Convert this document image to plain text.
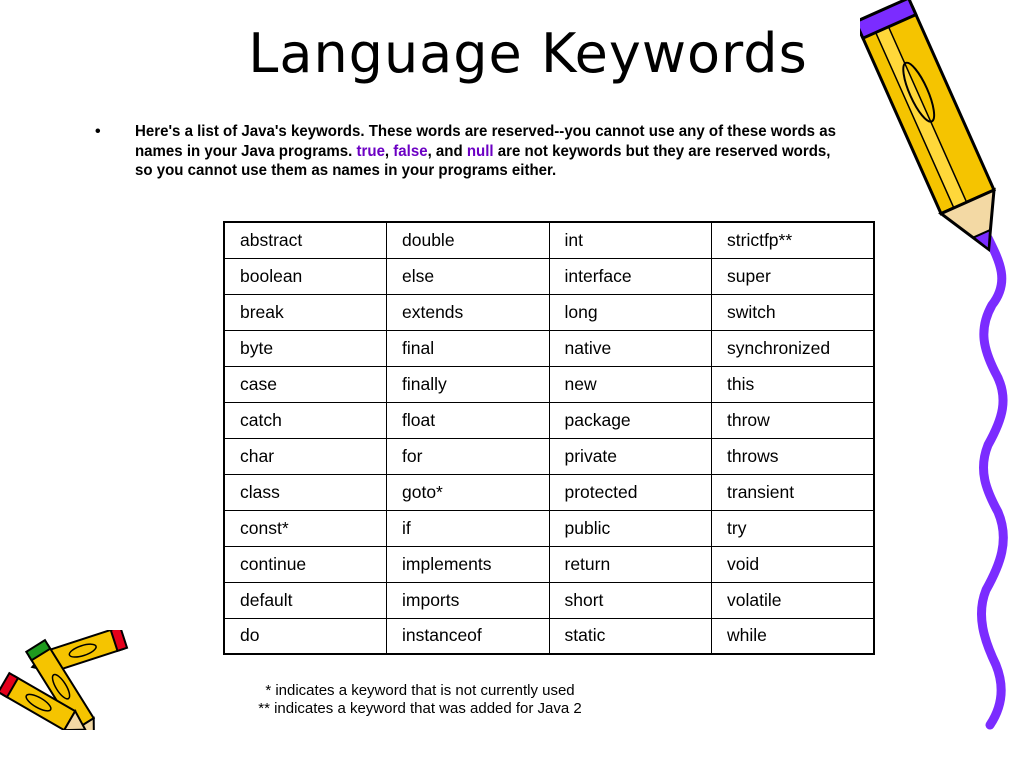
Language Keywords
•	Here's a list of Java's keywords. These words are reserved--you cannot use any of these words as names in your Java programs. true, false, and null are not keywords but they are reserved words, so you cannot use them as names in your programs either.
abstract	double	int	strictfp**
boolean	else	interface	super
break	extends	long	switch
byte	final	native	synchronized
case	finally	new	this
catch	float	package	throw
char	for	private	throws
class	goto*	protected	transient
const*	if	public	try
continue	implements	return	void
default	imports	short	volatile
do	instanceof	static	while
* indicates a keyword that is not currently used
** indicates a keyword that was added for Java 2
